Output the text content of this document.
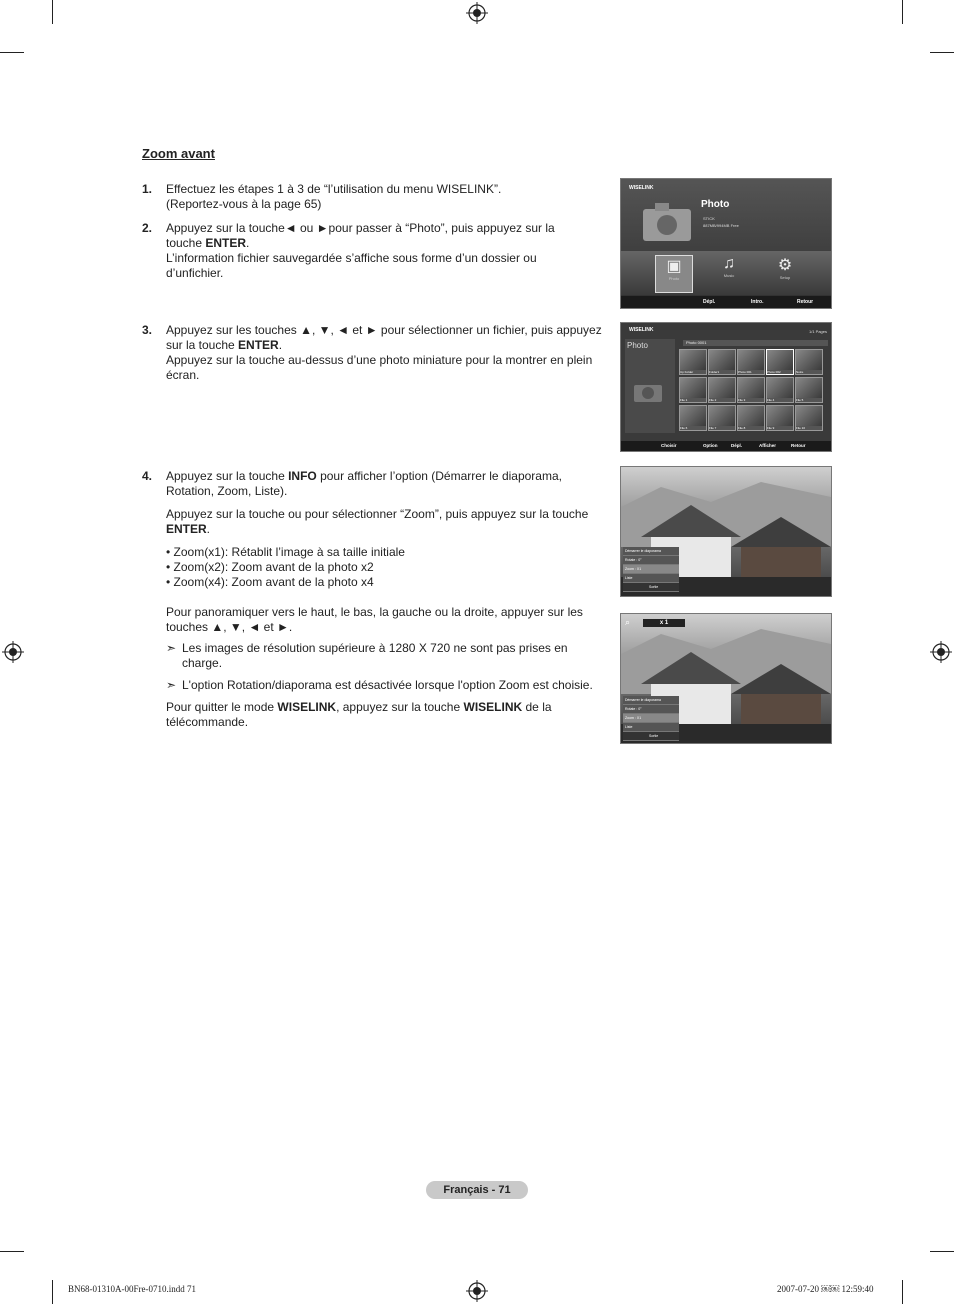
Zoom avant
1. Effectuez les étapes 1 à 3 de “l’utilisation du menu WISELINK”.

(Reportez-vous à la page 65)

2. Appuyez sur la touche◄ ou ►pour passer à “Photo”, puis appuyez sur la

touche ENTER.

L’information fichier sauvegardée s’affiche sous forme d’un dossier ou

d’unfichier.

3. Appuyez sur les touches ▲, ▼, ◄ et ► pour sélectionner un fichier, puis appuyez

sur la touche ENTER.

Appuyez sur la touche au-dessus d’une photo miniature pour la montrer en plein

écran.

4. Appuyez sur la touche INFO pour afficher l’option (Démarrer le diaporama,

Rotation, Zoom, Liste).

Appuyez sur la touche ou pour sélectionner “Zoom”, puis appuyez sur la touche

ENTER.

• Zoom(x1): Rétablit l’image à sa taille initiale

• Zoom(x2): Zoom avant de la photo x2

• Zoom(x4): Zoom avant de la photo x4

Pour panoramiquer vers le haut, le bas, la gauche ou la droite, appuyer sur les

touches ▲, ▼, ◄ et ►.

➣ Les images de résolution supérieure à 1280 X 720 ne sont pas prises en

charge.

➣ L'option Rotation/diaporama est désactivée lorsque l'option Zoom est choisie.

Pour quitter le mode WISELINK, appuyez sur la touche WISELINK de la

télécommande.

WISELINK
Photo
STICK
887MB/994MB Free
▣
Photo
♫
Music
⚙
Setup
Dépl.	Intro.	Retour
WISELINK	1/1 Pages
Photo	Photo 0001
Up Folder	Folder1	Photo 001	Photo 002	Nutre
File 1	File 2	File 3	File 4	File 5
File 6	File 7	File 8	File 9	File 10
Choisir	Option	Dépl.	Afficher	Retour
Démarrer le diaporama
Rotate : 0°
Zoom : X1
Liste
Sortie
⌕	x 1
Démarrer le diaporama
Rotate : 0°
Zoom : X1
Liste
Sortie
Français - 71
BN68-01310A-00Fre-0710.indd 71	2007-07-20 ￼￼ 12:59:40
